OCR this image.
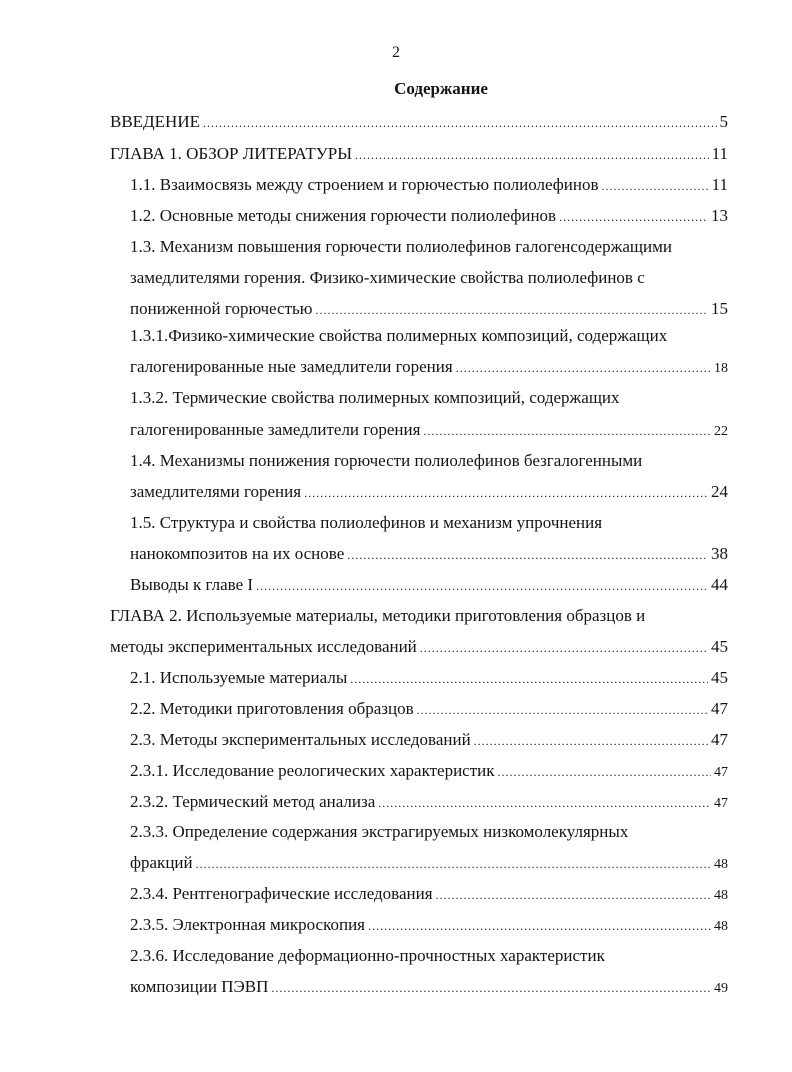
2
Содержание
ВВЕДЕНИЕ .....	5
ГЛАВА 1. ОБЗОР ЛИТЕРАТУРЫ .....	11
1.1. Взаимосвязь между строением и горючестью полиолефинов .....	11
1.2. Основные методы снижения горючести полиолефинов .....	13
1.3. Механизм повышения горючести полиолефинов галогенсодержащими
замедлителями горения. Физико-химические свойства полиолефинов с
пониженной горючестью .....	15
1.3.1.Физико-химические свойства полимерных композиций, содержащих
галогенированные ные замедлители горения .....	18
1.3.2. Термические свойства полимерных композиций, содержащих
галогенированные замедлители горения .....	22
1.4. Механизмы понижения горючести полиолефинов безгалогенными
замедлителями горения .....	24
1.5. Структура и свойства полиолефинов и механизм упрочнения
нанокомпозитов на их основе .....	38
Выводы к главе I .....	44
ГЛАВА 2. Используемые материалы, методики приготовления образцов и
методы экспериментальных исследований .....	45
2.1. Используемые материалы .....	45
2.2. Методики приготовления образцов .....	47
2.3. Методы экспериментальных исследований .....	47
2.3.1. Исследование реологических характеристик .....	47
2.3.2. Термический метод анализа .....	47
2.3.3. Определение содержания экстрагируемых низкомолекулярных
фракций .....	48
2.3.4. Рентгенографические исследования .....	48
2.3.5. Электронная микроскопия .....	48
2.3.6. Исследование деформационно-прочностных характеристик
композиции ПЭВП .....	49
